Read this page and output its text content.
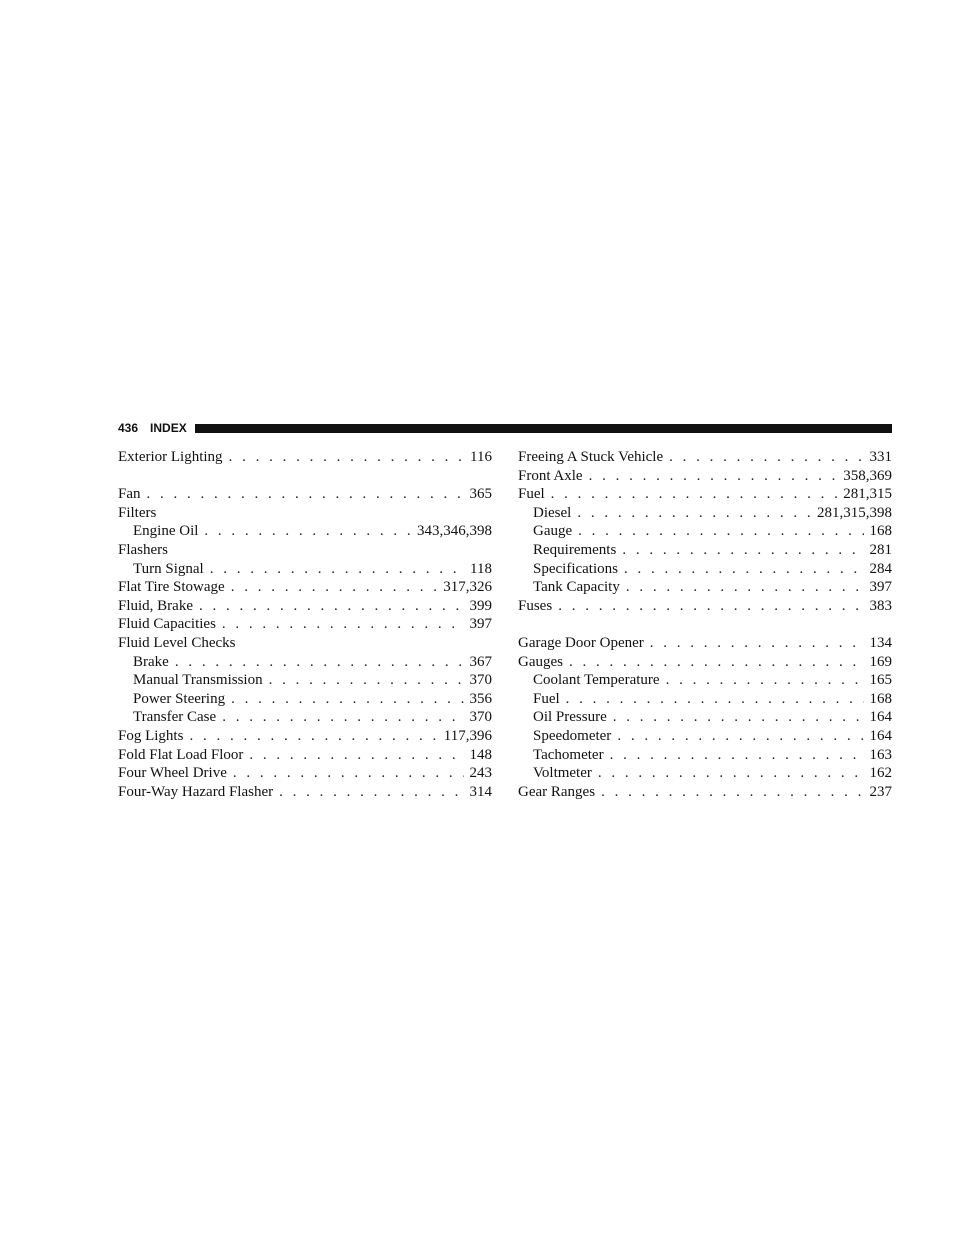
436 INDEX
Exterior Lighting . . .	116
Fan . . .	365
Filters
Engine Oil . . .	343,346,398
Flashers
Turn Signal . . .	118
Flat Tire Stowage . . .	317,326
Fluid, Brake . . .	399
Fluid Capacities . . .	397
Fluid Level Checks
Brake . . .	367
Manual Transmission . . .	370
Power Steering . . .	356
Transfer Case . . .	370
Fog Lights . . .	117,396
Fold Flat Load Floor . . .	148
Four Wheel Drive . . .	243
Four-Way Hazard Flasher . . .	314
Freeing A Stuck Vehicle . . .	331
Front Axle . . .	358,369
Fuel . . .	281,315
Diesel . . .	281,315,398
Gauge . . .	168
Requirements . . .	281
Specifications . . .	284
Tank Capacity . . .	397
Fuses . . .	383
Garage Door Opener . . .	134
Gauges . . .	169
Coolant Temperature . . .	165
Fuel . . .	168
Oil Pressure . . .	164
Speedometer . . .	164
Tachometer . . .	163
Voltmeter . . .	162
Gear Ranges . . .	237
